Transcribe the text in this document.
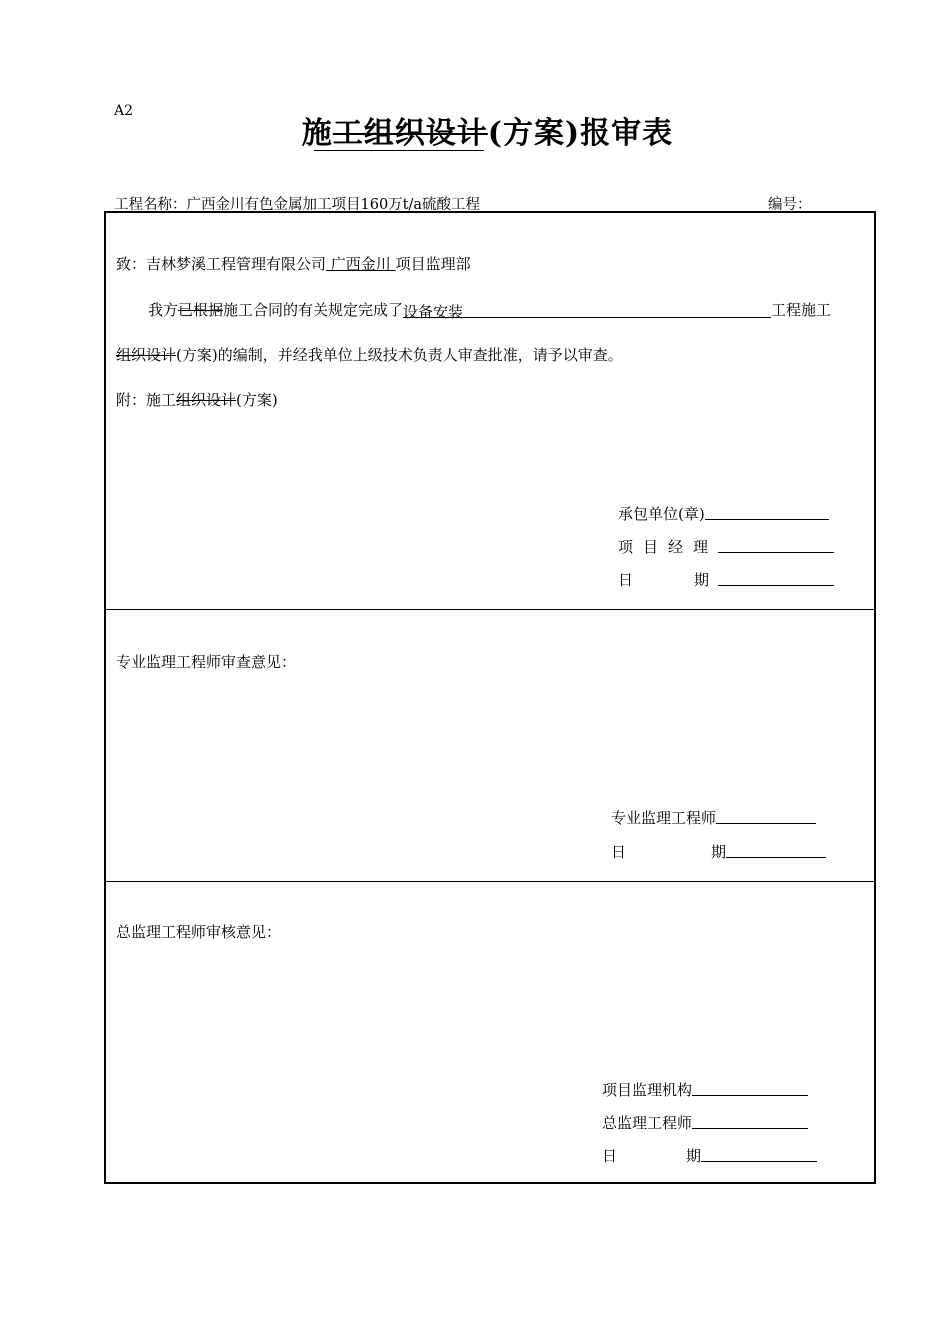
A2
施工组织设计(方案)报审表
工程名称：广西金川有色金属加工项目160万t/a硫酸工程	编号：
致：吉林梦溪工程管理有限公司 广西金川 项目监理部
我方已根据施工合同的有关规定完成了设备安装	工程施工
组织设计(方案)的编制，并经我单位上级技术负责人审查批准，请予以审查。
附：施工组织设计(方案)
承包单位(章)
项目经理
日	期
专业监理工程师审查意见：
专业监理工程师
日	期
总监理工程师审核意见：
项目监理机构
总监理工程师
日	期
